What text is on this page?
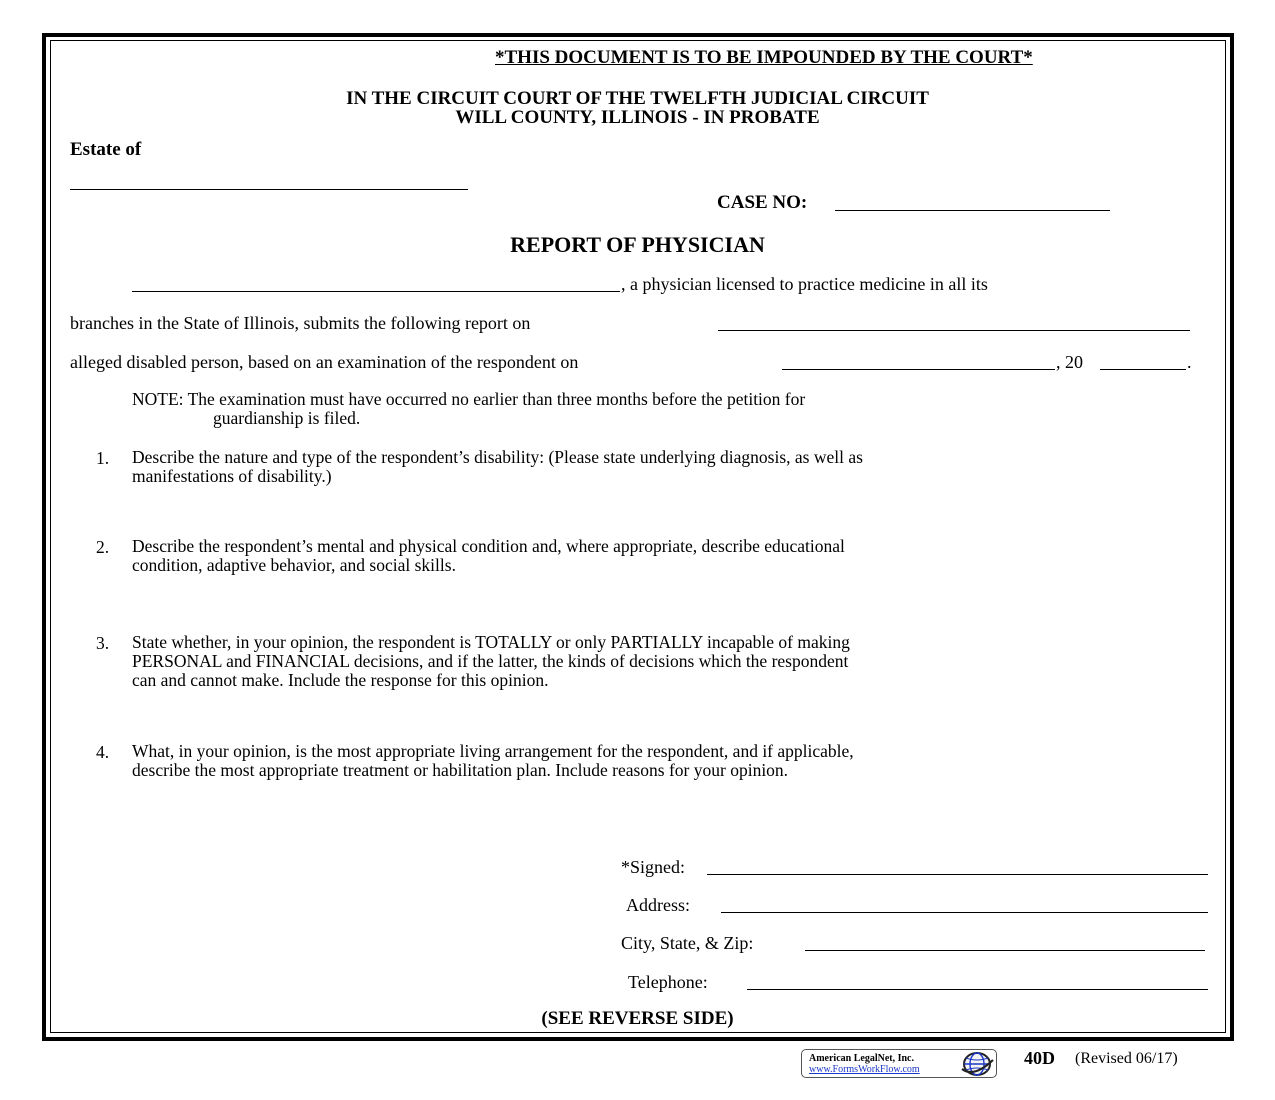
*THIS DOCUMENT IS TO BE IMPOUNDED BY THE COURT*
IN THE CIRCUIT COURT OF THE TWELFTH JUDICIAL CIRCUIT
WILL COUNTY, ILLINOIS - IN PROBATE
Estate of
CASE NO:
REPORT OF PHYSICIAN
, a physician licensed to practice medicine in all its
branches in the State of Illinois, submits the following report on
alleged disabled person, based on an examination of the respondent on	, 20	.
NOTE: The examination must have occurred no earlier than three months before the petition for
guardianship is filed.
1. Describe the nature and type of the respondent’s disability: (Please state underlying diagnosis, as well as
manifestations of disability.)
2. Describe the respondent’s mental and physical condition and, where appropriate, describe educational
condition, adaptive behavior, and social skills.
3. State whether, in your opinion, the respondent is TOTALLY or only PARTIALLY incapable of making
PERSONAL and FINANCIAL decisions, and if the latter, the kinds of decisions which the respondent
can and cannot make. Include the response for this opinion.
4. What, in your opinion, is the most appropriate living arrangement for the respondent, and if applicable,
describe the most appropriate treatment or habilitation plan. Include reasons for your opinion.
*Signed:
Address:
City, State, & Zip:
Telephone:
(SEE REVERSE SIDE)
American LegalNet, Inc.
www.FormsWorkFlow.com
40D (Revised 06/17)
